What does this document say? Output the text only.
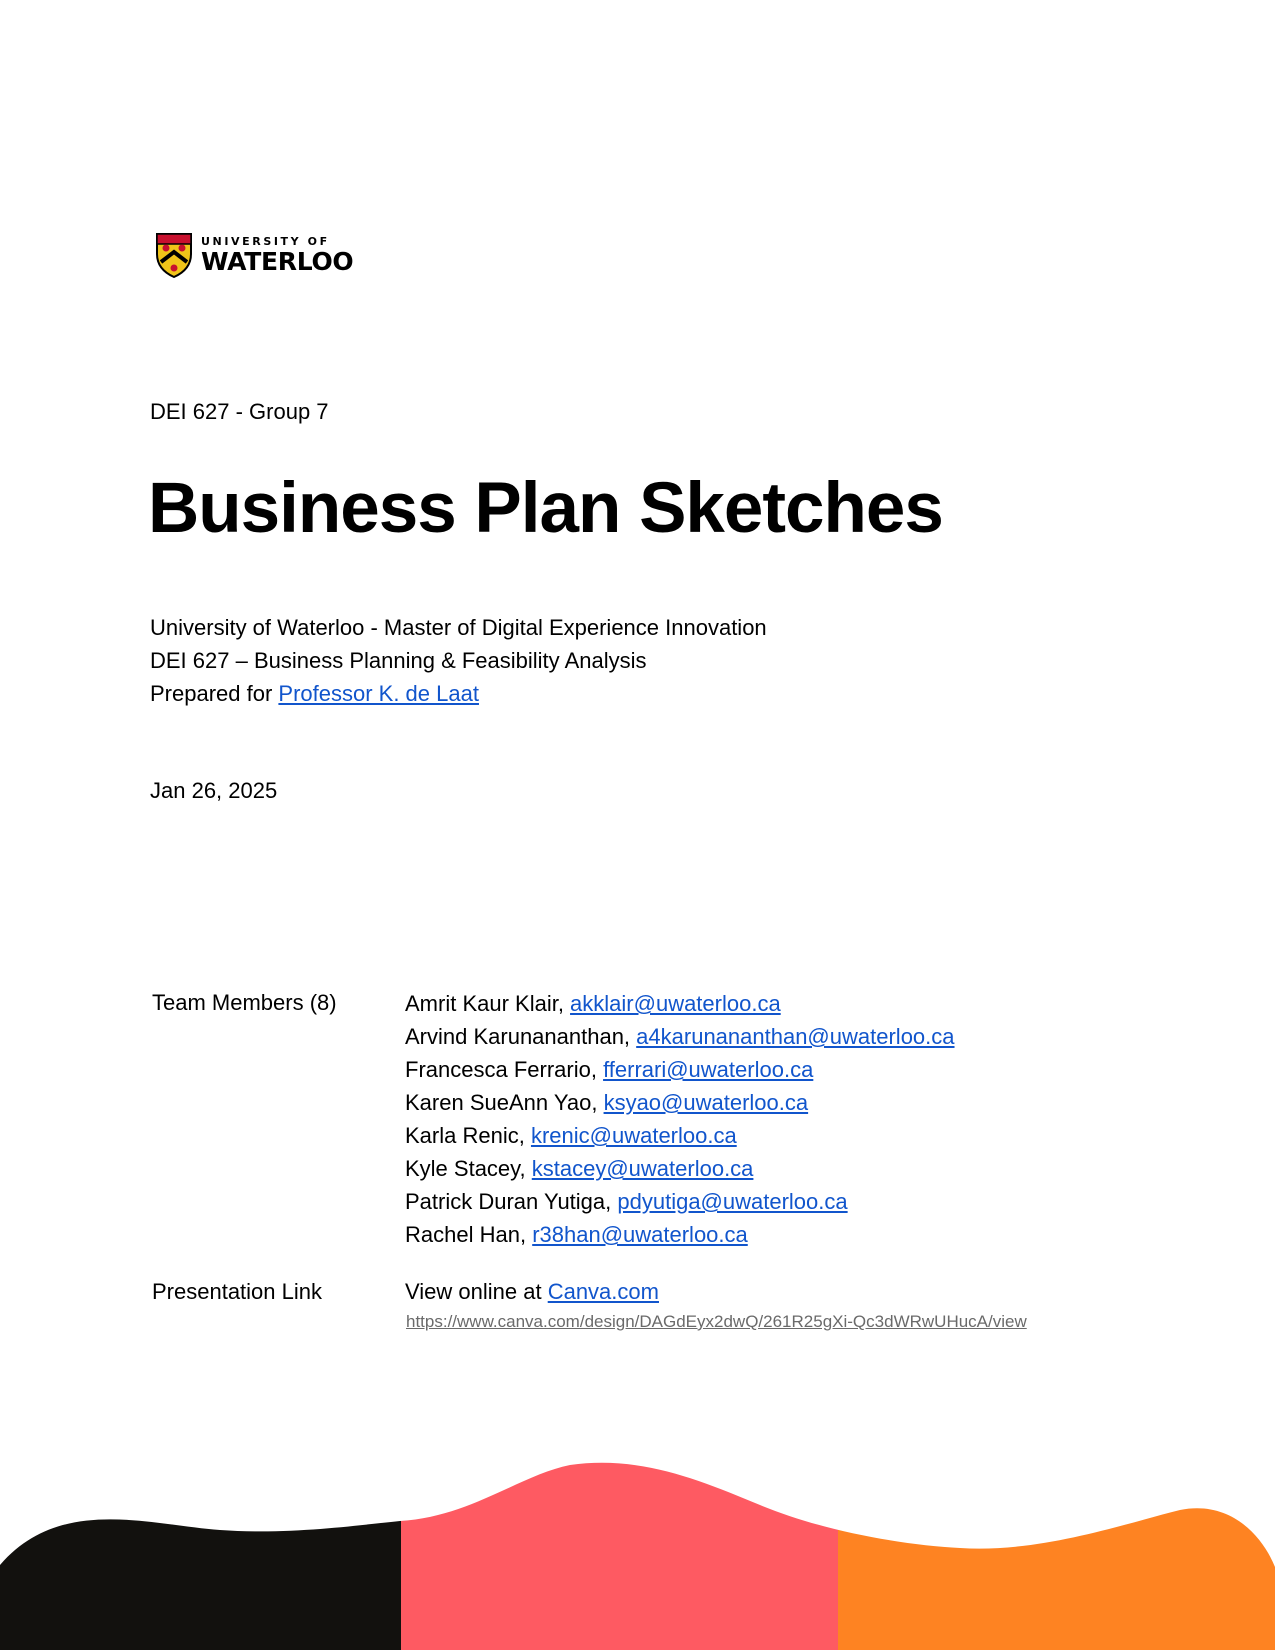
UNIVERSITY OF
WATERLOO
DEI 627 - Group 7
Business Plan Sketches
University of Waterloo - Master of Digital Experience Innovation
DEI 627 – Business Planning & Feasibility Analysis
Prepared for Professor K. de Laat
Jan 26, 2025
Team Members (8)	Amrit Kaur Klair, akklair@uwaterloo.ca
Arvind Karunananthan, a4karunananthan@uwaterloo.ca
Francesca Ferrario, fferrari@uwaterloo.ca
Karen SueAnn Yao, ksyao@uwaterloo.ca
Karla Renic, krenic@uwaterloo.ca
Kyle Stacey, kstacey@uwaterloo.ca
Patrick Duran Yutiga, pdyutiga@uwaterloo.ca
Rachel Han, r38han@uwaterloo.ca
Presentation Link	View online at Canva.com
https://www.canva.com/design/DAGdEyx2dwQ/261R25gXi-Qc3dWRwUHucA/view
